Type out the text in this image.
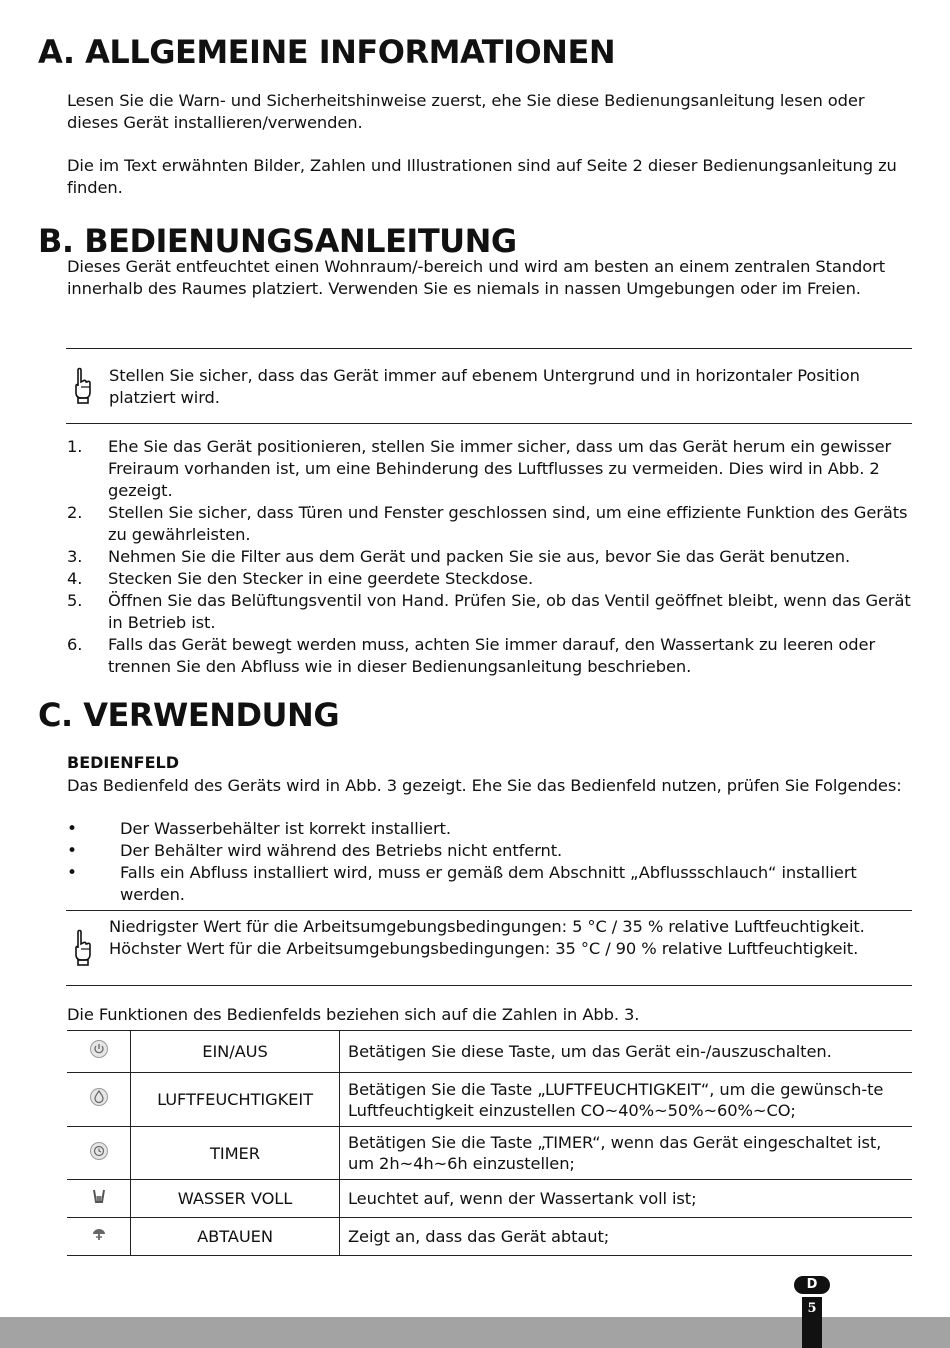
A. ALLGEMEINE INFORMATIONEN

Lesen Sie die Warn- und Sicherheitshinweise zuerst, ehe Sie diese Bedienungsanleitung lesen oder dieses Gerät installieren/verwenden.

Die im Text erwähnten Bilder, Zahlen und Illustrationen sind auf Seite 2 dieser Bedienungsanleitung zu finden.

B. BEDIENUNGSANLEITUNG

Dieses Gerät entfeuchtet einen Wohnraum/-bereich und wird am besten an einem zentralen Standort innerhalb des Raumes platziert. Verwenden Sie es niemals in nassen Umgebungen oder im Freien.

Stellen Sie sicher, dass das Gerät immer auf ebenem Untergrund und in horizontaler Position platziert wird.

1. Ehe Sie das Gerät positionieren, stellen Sie immer sicher, dass um das Gerät herum ein gewisser Freiraum vorhanden ist, um eine Behinderung des Luftflusses zu vermeiden. Dies wird in Abb. 2 gezeigt.
2. Stellen Sie sicher, dass Türen und Fenster geschlossen sind, um eine effiziente Funktion des Geräts zu gewährleisten.
3. Nehmen Sie die Filter aus dem Gerät und packen Sie sie aus, bevor Sie das Gerät benutzen.
4. Stecken Sie den Stecker in eine geerdete Steckdose.
5. Öffnen Sie das Belüftungsventil von Hand. Prüfen Sie, ob das Ventil geöffnet bleibt, wenn das Gerät in Betrieb ist.
6. Falls das Gerät bewegt werden muss, achten Sie immer darauf, den Wassertank zu leeren oder trennen Sie den Abfluss wie in dieser Bedienungsanleitung beschrieben.
C. VERWENDUNG

BEDIENFELD

Das Bedienfeld des Geräts wird in Abb. 3 gezeigt. Ehe Sie das Bedienfeld nutzen, prüfen Sie Folgendes:

•	Der Wasserbehälter ist korrekt installiert.
•	Der Behälter wird während des Betriebs nicht entfernt.
•	Falls ein Abfluss installiert wird, muss er gemäß dem Abschnitt „Abflussschlauch“ installiert werden.

Niedrigster Wert für die Arbeitsumgebungsbedingungen: 5 °C / 35 % relative Luftfeuchtigkeit. Höchster Wert für die Arbeitsumgebungsbedingungen: 35 °C / 90 % relative Luftfeuchtigkeit.

Die Funktionen des Bedienfelds beziehen sich auf die Zahlen in Abb. 3.

	EIN/AUS	Betätigen Sie diese Taste, um das Gerät ein-/auszuschalten.
	LUFTFEUCHTIGKEIT	Betätigen Sie die Taste „LUFTFEUCHTIGKEIT“, um die gewünsch-te Luftfeuchtigkeit einzustellen CO~40%~50%~60%~CO;
	TIMER	Betätigen Sie die Taste „TIMER“, wenn das Gerät eingeschaltet ist, um 2h~4h~6h einzustellen;
	WASSER VOLL	Leuchtet auf, wenn der Wassertank voll ist;
	ABTAUEN	Zeigt an, dass das Gerät abtaut;
D
5
